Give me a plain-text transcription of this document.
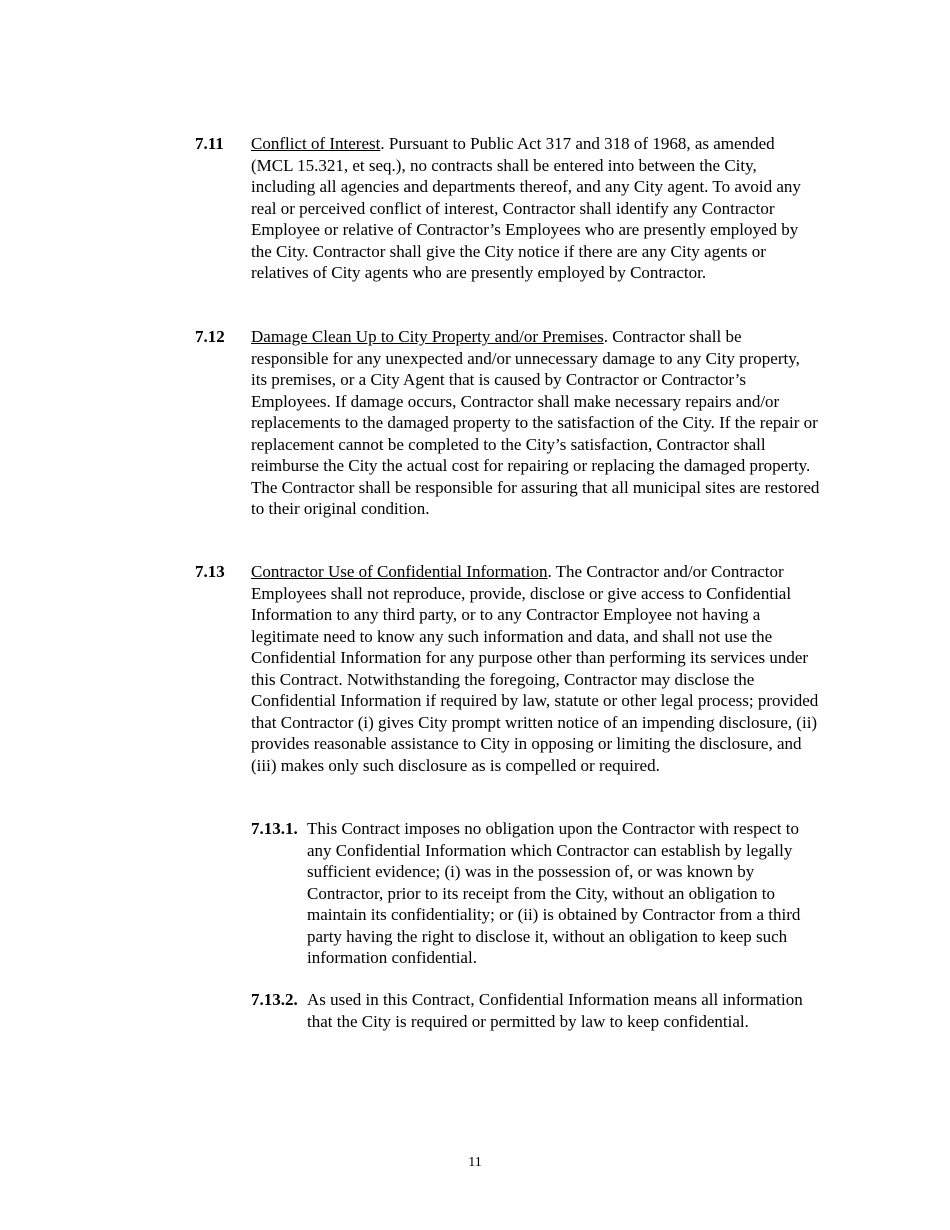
7.11 Conflict of Interest. Pursuant to Public Act 317 and 318 of 1968, as amended (MCL 15.321, et seq.), no contracts shall be entered into between the City, including all agencies and departments thereof, and any City agent. To avoid any real or perceived conflict of interest, Contractor shall identify any Contractor Employee or relative of Contractor’s Employees who are presently employed by the City. Contractor shall give the City notice if there are any City agents or relatives of City agents who are presently employed by Contractor.
7.12 Damage Clean Up to City Property and/or Premises. Contractor shall be responsible for any unexpected and/or unnecessary damage to any City property, its premises, or a City Agent that is caused by Contractor or Contractor’s Employees. If damage occurs, Contractor shall make necessary repairs and/or replacements to the damaged property to the satisfaction of the City. If the repair or replacement cannot be completed to the City’s satisfaction, Contractor shall reimburse the City the actual cost for repairing or replacing the damaged property. The Contractor shall be responsible for assuring that all municipal sites are restored to their original condition.
7.13 Contractor Use of Confidential Information. The Contractor and/or Contractor Employees shall not reproduce, provide, disclose or give access to Confidential Information to any third party, or to any Contractor Employee not having a legitimate need to know any such information and data, and shall not use the Confidential Information for any purpose other than performing its services under this Contract. Notwithstanding the foregoing, Contractor may disclose the Confidential Information if required by law, statute or other legal process; provided that Contractor (i) gives City prompt written notice of an impending disclosure, (ii) provides reasonable assistance to City in opposing or limiting the disclosure, and (iii) makes only such disclosure as is compelled or required.
7.13.1. This Contract imposes no obligation upon the Contractor with respect to any Confidential Information which Contractor can establish by legally sufficient evidence; (i) was in the possession of, or was known by Contractor, prior to its receipt from the City, without an obligation to maintain its confidentiality; or (ii) is obtained by Contractor from a third party having the right to disclose it, without an obligation to keep such information confidential.
7.13.2. As used in this Contract, Confidential Information means all information that the City is required or permitted by law to keep confidential.
11
